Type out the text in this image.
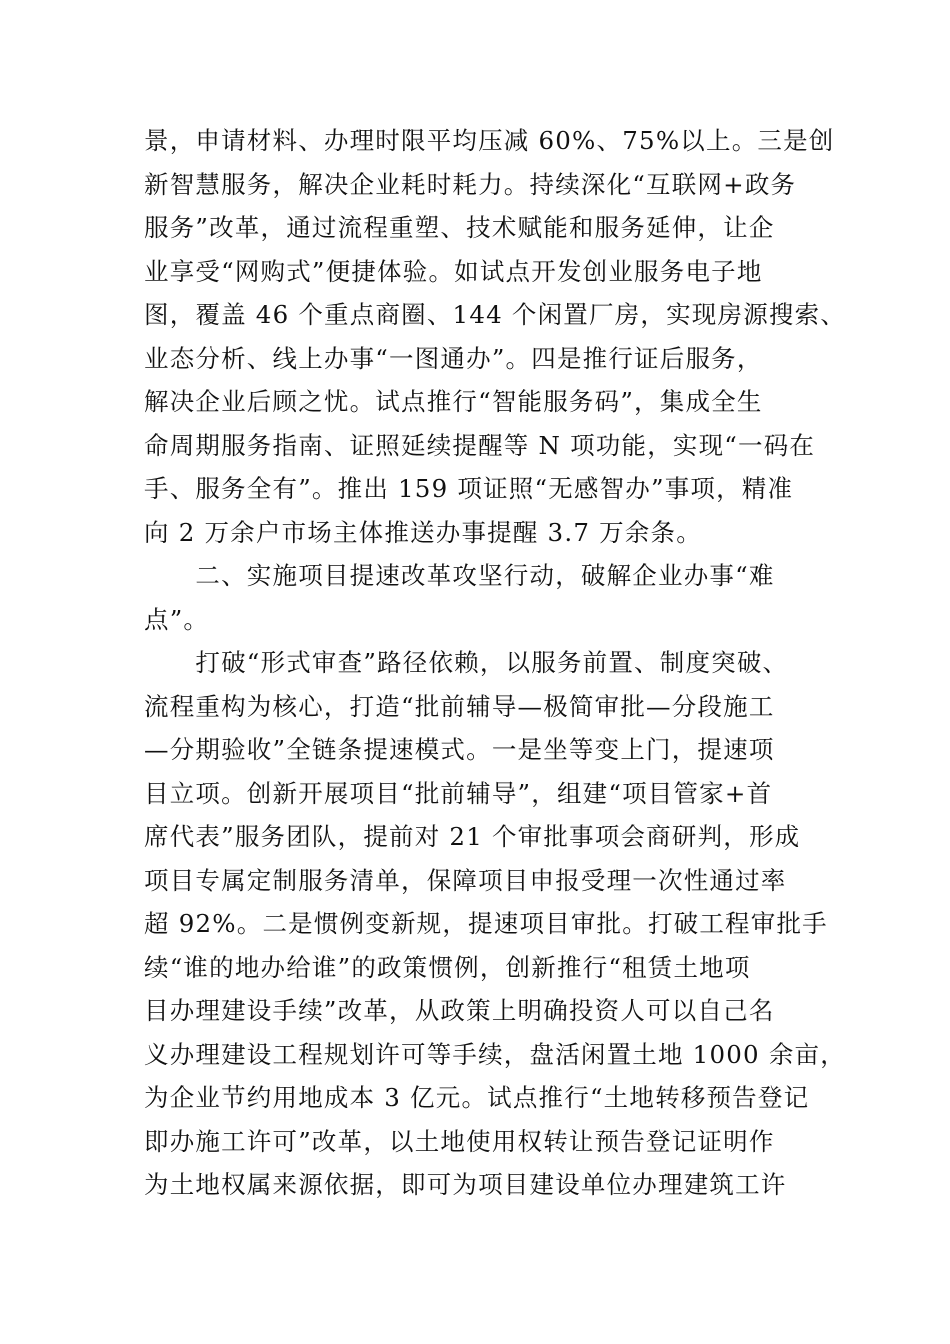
景，申请材料、办理时限平均压减 60%、75%以上。三是创
新智慧服务，解决企业耗时耗力。持续深化“互联网+政务
服务”改革，通过流程重塑、技术赋能和服务延伸，让企
业享受“网购式”便捷体验。如试点开发创业服务电子地
图，覆盖 46 个重点商圈、144 个闲置厂房，实现房源搜索、
业态分析、线上办事“一图通办”。四是推行证后服务，
解决企业后顾之忧。试点推行“智能服务码”，集成全生
命周期服务指南、证照延续提醒等 N 项功能，实现“一码在
手、服务全有”。推出 159 项证照“无感智办”事项，精准
向 2 万余户市场主体推送办事提醒 3.7 万余条。
　　二、实施项目提速改革攻坚行动，破解企业办事“难
点”。
　　打破“形式审查”路径依赖，以服务前置、制度突破、
流程重构为核心，打造“批前辅导—极简审批—分段施工
—分期验收”全链条提速模式。一是坐等变上门，提速项
目立项。创新开展项目“批前辅导”，组建“项目管家+首
席代表”服务团队，提前对 21 个审批事项会商研判，形成
项目专属定制服务清单，保障项目申报受理一次性通过率
超 92%。二是惯例变新规，提速项目审批。打破工程审批手
续“谁的地办给谁”的政策惯例，创新推行“租赁土地项
目办理建设手续”改革，从政策上明确投资人可以自己名
义办理建设工程规划许可等手续，盘活闲置土地 1000 余亩，
为企业节约用地成本 3 亿元。试点推行“土地转移预告登记
即办施工许可”改革，以土地使用权转让预告登记证明作
为土地权属来源依据，即可为项目建设单位办理建筑工许
